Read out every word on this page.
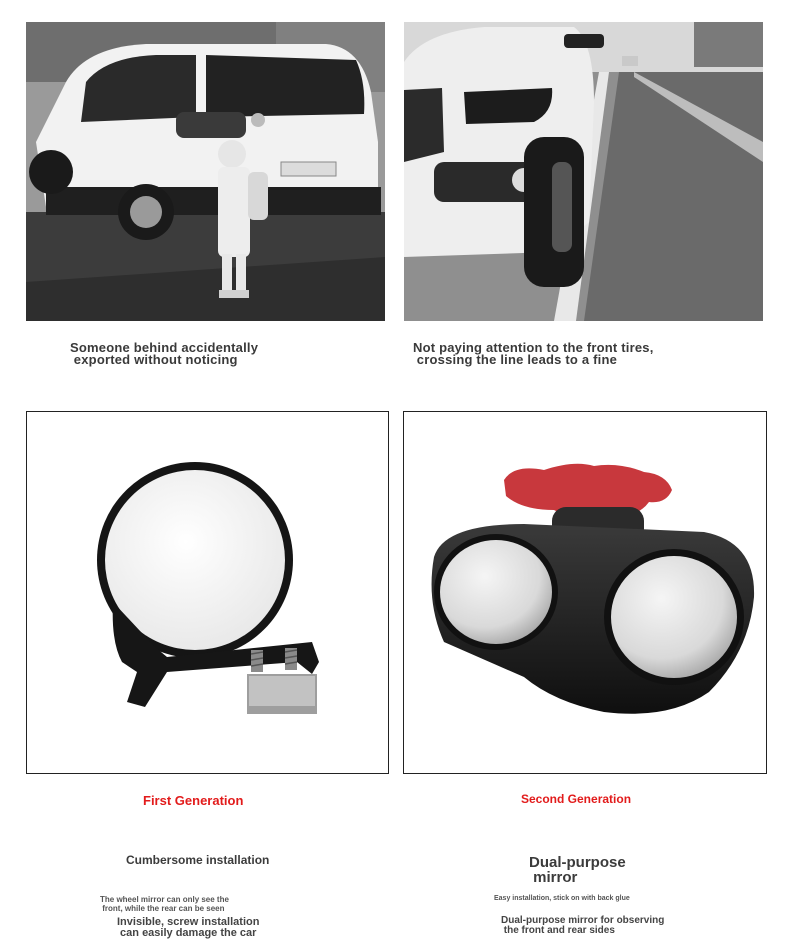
Someone behind accidentally
exported without noticing
Not paying attention to the front tires,
crossing the line leads to a fine
First Generation
Cumbersome installation
The wheel mirror can only see the
front, while the rear can be seen
Invisible, screw installation
can easily damage the car
Second Generation
Dual-purpose
mirror
Easy installation, stick on with back glue
Dual-purpose mirror for observing
the front and rear sides
